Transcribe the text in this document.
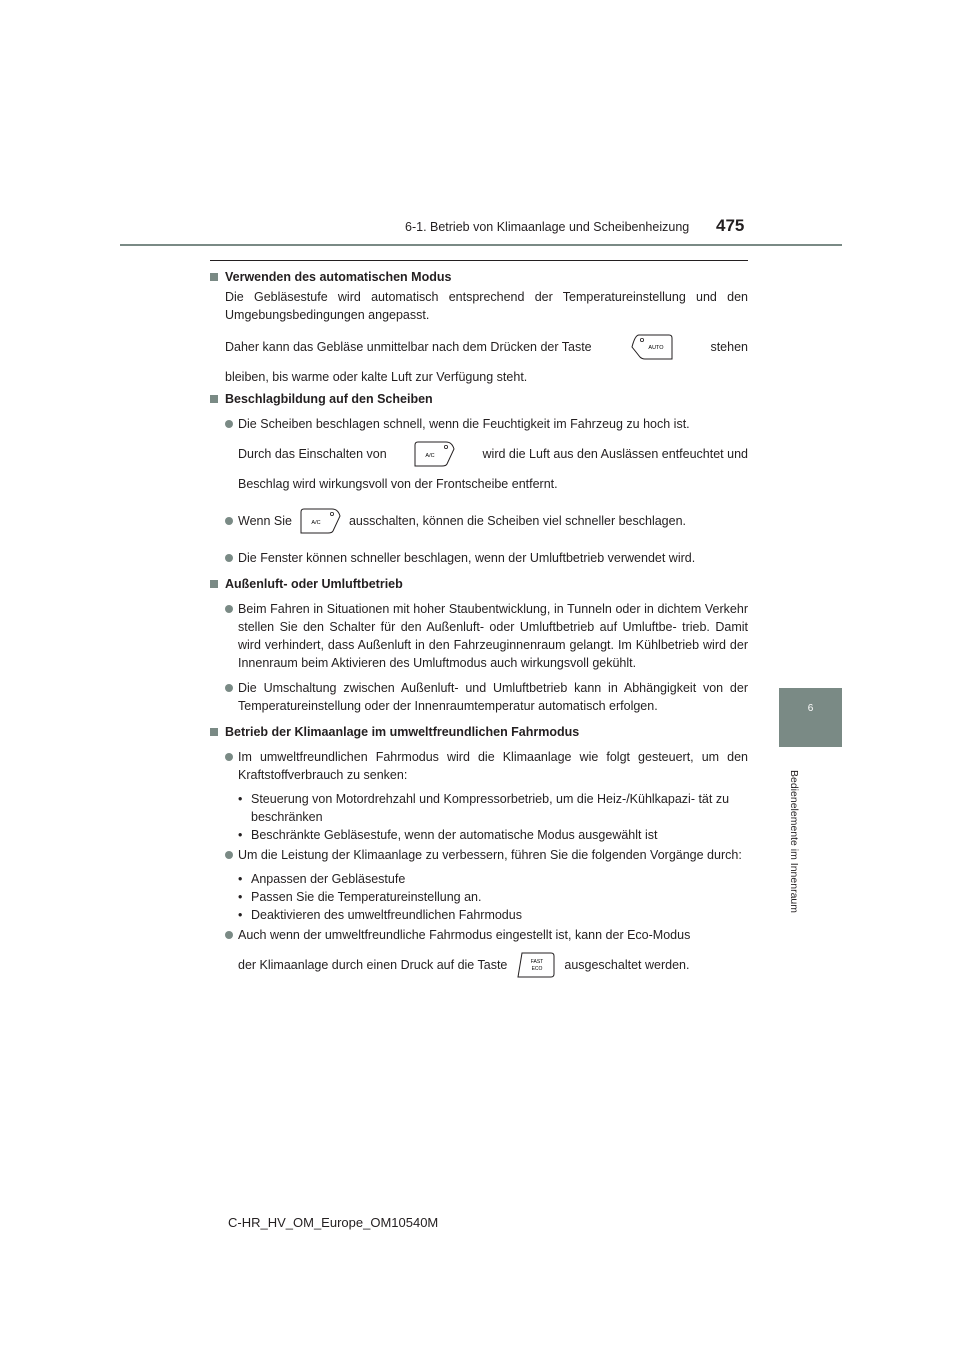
6-1. Betrieb von Klimaanlage und Scheibenheizung 475
6
Bedienelemente im Innenraum
Verwenden des automatischen Modus
Die Gebläsestufe wird automatisch entsprechend der Temperatureinstellung und den Umgebungsbedingungen angepasst.
Daher kann das Gebläse unmittelbar nach dem Drücken der Taste	AUTO	stehen
bleiben, bis warme oder kalte Luft zur Verfügung steht.
Beschlagbildung auf den Scheiben
Die Scheiben beschlagen schnell, wenn die Feuchtigkeit im Fahrzeug zu hoch ist.
Durch das Einschalten von	A/C	wird die Luft aus den Auslässen entfeuchtet und
Beschlag wird wirkungsvoll von der Frontscheibe entfernt.
Wenn Sie	A/C ausschalten, können die Scheiben viel schneller beschlagen.
Die Fenster können schneller beschlagen, wenn der Umluftbetrieb verwendet wird.
Außenluft- oder Umluftbetrieb
Beim Fahren in Situationen mit hoher Staubentwicklung, in Tunneln oder in dichtem Verkehr stellen Sie den Schalter für den Außenluft- oder Umluftbetrieb auf Umluftbe- trieb. Damit wird verhindert, dass Außenluft in den Fahrzeuginnenraum gelangt. Im Kühlbetrieb wird der Innenraum beim Aktivieren des Umluftmodus auch wirkungsvoll gekühlt.
Die Umschaltung zwischen Außenluft- und Umluftbetrieb kann in Abhängigkeit von der Temperatureinstellung oder der Innenraumtemperatur automatisch erfolgen.
Betrieb der Klimaanlage im umweltfreundlichen Fahrmodus
Im umweltfreundlichen Fahrmodus wird die Klimaanlage wie folgt gesteuert, um den Kraftstoffverbrauch zu senken:
• Steuerung von Motordrehzahl und Kompressorbetrieb, um die Heiz-/Kühlkapazi- tät zu beschränken
• Beschränkte Gebläsestufe, wenn der automatische Modus ausgewählt ist
Um die Leistung der Klimaanlage zu verbessern, führen Sie die folgenden Vorgänge durch:
• Anpassen der Gebläsestufe
• Passen Sie die Temperatureinstellung an.
• Deaktivieren des umweltfreundlichen Fahrmodus
Auch wenn der umweltfreundliche Fahrmodus eingestellt ist, kann der Eco-Modus
der Klimaanlage durch einen Druck auf die Taste	FAST
ECO ausgeschaltet werden.
C-HR_HV_OM_Europe_OM10540M
